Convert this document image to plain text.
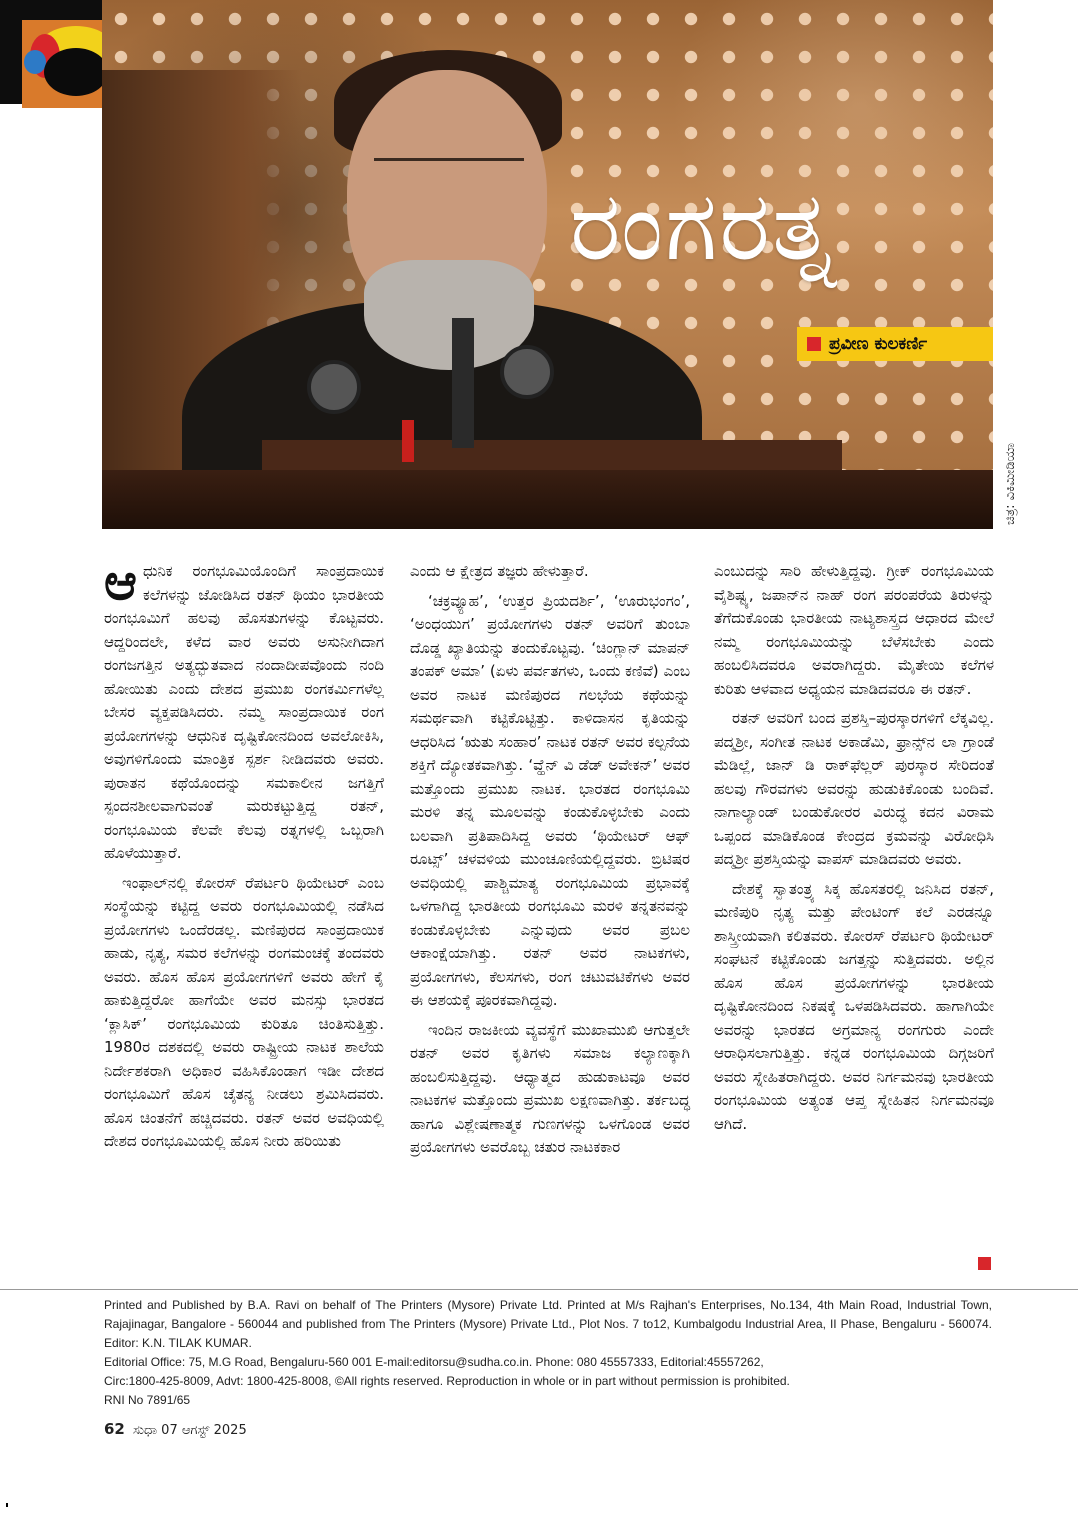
ರಂಗರತ್ನ
ಪ್ರವೀಣ ಕುಲಕರ್ಣಿ
ಚಿತ್ರ: ವಿಕಿಮೀಡಿಯಾ

ಆಧುನಿಕ ರಂಗಭೂಮಿಯೊಂದಿಗೆ ಸಾಂಪ್ರದಾಯಿಕ ಕಲೆಗಳನ್ನು ಜೋಡಿಸಿದ ರತನ್ ಥಿಯಂ ಭಾರತೀಯ ರಂಗಭೂಮಿಗೆ ಹಲವು ಹೊಸತುಗಳನ್ನು ಕೊಟ್ಟವರು. ಆದ್ದರಿಂದಲೇ, ಕಳೆದ ವಾರ ಅವರು ಅಸುನೀಗಿದಾಗ ರಂಗಜಗತ್ತಿನ ಅತ್ಯದ್ಭುತವಾದ ನಂದಾದೀಪವೊಂದು ನಂದಿ ಹೋಯಿತು ಎಂದು ದೇಶದ ಪ್ರಮುಖ ರಂಗಕರ್ಮಿಗಳೆಲ್ಲ ಬೇಸರ ವ್ಯಕ್ತಪಡಿಸಿದರು. ನಮ್ಮ ಸಾಂಪ್ರದಾಯಿಕ ರಂಗ ಪ್ರಯೋಗಗಳನ್ನು ಆಧುನಿಕ ದೃಷ್ಟಿಕೋನದಿಂದ ಅವಲೋಕಿಸಿ, ಅವುಗಳಿಗೊಂದು ಮಾಂತ್ರಿಕ ಸ್ಪರ್ಶ ನೀಡಿದವರು ಅವರು. ಪುರಾತನ ಕಥೆಯೊಂದನ್ನು ಸಮಕಾಲೀನ ಜಗತ್ತಿಗೆ ಸ್ಪಂದನಶೀಲವಾಗುವಂತೆ ಮರುಕಟ್ಟುತ್ತಿದ್ದ ರತನ್, ರಂಗಭೂಮಿಯ ಕೆಲವೇ ಕೆಲವು ರತ್ನಗಳಲ್ಲಿ ಒಬ್ಬರಾಗಿ ಹೊಳೆಯುತ್ತಾರೆ.

ಇಂಫಾಲ್‌ನಲ್ಲಿ ಕೋರಸ್ ರೆಪರ್ಟರಿ ಥಿಯೇಟರ್ ಎಂಬ ಸಂಸ್ಥೆಯನ್ನು ಕಟ್ಟಿದ್ದ ಅವರು ರಂಗಭೂಮಿಯಲ್ಲಿ ನಡೆಸಿದ ಪ್ರಯೋಗಗಳು ಒಂದೆರಡಲ್ಲ. ಮಣಿಪುರದ ಸಾಂಪ್ರದಾಯಿಕ ಹಾಡು, ನೃತ್ಯ, ಸಮರ ಕಲೆಗಳನ್ನು ರಂಗಮಂಚಕ್ಕೆ ತಂದವರು ಅವರು. ಹೊಸ ಹೊಸ ಪ್ರಯೋಗಗಳಿಗೆ ಅವರು ಹೇಗೆ ಕೈ ಹಾಕುತ್ತಿದ್ದರೋ ಹಾಗೆಯೇ ಅವರ ಮನಸ್ಸು ಭಾರತದ ‘ಕ್ಲಾಸಿಕ್’ ರಂಗಭೂಮಿಯ ಕುರಿತೂ ಚಿಂತಿಸುತ್ತಿತ್ತು. 1980ರ ದಶಕದಲ್ಲಿ ಅವರು ರಾಷ್ಟ್ರೀಯ ನಾಟಕ ಶಾಲೆಯ ನಿರ್ದೇಶಕರಾಗಿ ಅಧಿಕಾರ ವಹಿಸಿಕೊಂಡಾಗ ಇಡೀ ದೇಶದ ರಂಗಭೂಮಿಗೆ ಹೊಸ ಚೈತನ್ಯ ನೀಡಲು ಶ್ರಮಿಸಿದವರು. ಹೊಸ ಚಿಂತನೆಗೆ ಹಚ್ಚಿದವರು. ರತನ್ ಅವರ ಅವಧಿಯಲ್ಲಿ ದೇಶದ ರಂಗಭೂಮಿಯಲ್ಲಿ ಹೊಸ ನೀರು ಹರಿಯಿತು

ಎಂದು ಆ ಕ್ಷೇತ್ರದ ತಜ್ಞರು ಹೇಳುತ್ತಾರೆ.

‘ಚಕ್ರವ್ಯೂಹ’, ‘ಉತ್ತರ ಪ್ರಿಯದರ್ಶಿ’, ‘ಊರುಭಂಗಂ’, ‘ಅಂಧಯುಗ’ ಪ್ರಯೋಗಗಳು ರತನ್ ಅವರಿಗೆ ತುಂಬಾ ದೊಡ್ಡ ಖ್ಯಾತಿಯನ್ನು ತಂದುಕೊಟ್ಟವು. ‘ಚಿಂಗ್ಲಾನ್ ಮಾಪನ್ ತಂಪಕ್ ಅಮಾ’ (ಏಳು ಪರ್ವತಗಳು, ಒಂದು ಕಣಿವೆ) ಎಂಬ ಅವರ ನಾಟಕ ಮಣಿಪುರದ ಗಲಭೆಯ ಕಥೆಯನ್ನು ಸಮರ್ಥವಾಗಿ ಕಟ್ಟಿಕೊಟ್ಟಿತ್ತು. ಕಾಳಿದಾಸನ ಕೃತಿಯನ್ನು ಆಧರಿಸಿದ ‘ಋತು ಸಂಹಾರ’ ನಾಟಕ ರತನ್ ಅವರ ಕಲ್ಪನೆಯ ಶಕ್ತಿಗೆ ದ್ಯೋತಕವಾಗಿತ್ತು. ‘ವ್ಹೆನ್ ವಿ ಡೆಡ್ ಅವೇಕನ್’ ಅವರ ಮತ್ತೊಂದು ಪ್ರಮುಖ ನಾಟಕ. ಭಾರತದ ರಂಗಭೂಮಿ ಮರಳಿ ತನ್ನ ಮೂಲವನ್ನು ಕಂಡುಕೊಳ್ಳಬೇಕು ಎಂದು ಬಲವಾಗಿ ಪ್ರತಿಪಾದಿಸಿದ್ದ ಅವರು ‘ಥಿಯೇಟರ್ ಆಫ್ ರೂಟ್ಸ್’ ಚಳವಳಿಯ ಮುಂಚೂಣಿಯಲ್ಲಿದ್ದವರು. ಬ್ರಿಟಿಷರ ಅವಧಿಯಲ್ಲಿ ಪಾಶ್ಚಿಮಾತ್ಯ ರಂಗಭೂಮಿಯ ಪ್ರಭಾವಕ್ಕೆ ಒಳಗಾಗಿದ್ದ ಭಾರತೀಯ ರಂಗಭೂಮಿ ಮರಳಿ ತನ್ನತನವನ್ನು ಕಂಡುಕೊಳ್ಳಬೇಕು ಎನ್ನುವುದು ಅವರ ಪ್ರಬಲ ಆಕಾಂಕ್ಷೆಯಾಗಿತ್ತು. ರತನ್ ಅವರ ನಾಟಕಗಳು, ಪ್ರಯೋಗಗಳು, ಕೆಲಸಗಳು, ರಂಗ ಚಟುವಟಿಕೆಗಳು ಅವರ ಈ ಆಶಯಕ್ಕೆ ಪೂರಕವಾಗಿದ್ದವು.

ಇಂದಿನ ರಾಜಕೀಯ ವ್ಯವಸ್ಥೆಗೆ ಮುಖಾಮುಖಿ ಆಗುತ್ತಲೇ ರತನ್ ಅವರ ಕೃತಿಗಳು ಸಮಾಜ ಕಲ್ಯಾಣಕ್ಕಾಗಿ ಹಂಬಲಿಸುತ್ತಿದ್ದವು. ಆಧ್ಯಾತ್ಮದ ಹುಡುಕಾಟವೂ ಅವರ ನಾಟಕಗಳ ಮತ್ತೊಂದು ಪ್ರಮುಖ ಲಕ್ಷಣವಾಗಿತ್ತು. ತರ್ಕಬದ್ಧ ಹಾಗೂ ವಿಶ್ಲೇಷಣಾತ್ಮಕ ಗುಣಗಳನ್ನು ಒಳಗೊಂಡ ಅವರ ಪ್ರಯೋಗಗಳು ಅವರೊಬ್ಬ ಚತುರ ನಾಟಕಕಾರ

ಎಂಬುದನ್ನು ಸಾರಿ ಹೇಳುತ್ತಿದ್ದವು. ಗ್ರೀಕ್ ರಂಗಭೂಮಿಯ ವೈಶಿಷ್ಟ್ಯ, ಜಪಾನ್‌ನ ನಾಹ್ ರಂಗ ಪರಂಪರೆಯ ತಿರುಳನ್ನು ತೆಗೆದುಕೊಂಡು ಭಾರತೀಯ ನಾಟ್ಯಶಾಸ್ತ್ರದ ಆಧಾರದ ಮೇಲೆ ನಮ್ಮ ರಂಗಭೂಮಿಯನ್ನು ಬೆಳೆಸಬೇಕು ಎಂದು ಹಂಬಲಿಸಿದವರೂ ಅವರಾಗಿದ್ದರು. ಮೈತೇಯಿ ಕಲೆಗಳ ಕುರಿತು ಆಳವಾದ ಅಧ್ಯಯನ ಮಾಡಿದವರೂ ಈ ರತನ್.

ರತನ್ ಅವರಿಗೆ ಬಂದ ಪ್ರಶಸ್ತಿ–ಪುರಸ್ಕಾರಗಳಿಗೆ ಲೆಕ್ಕವಿಲ್ಲ. ಪದ್ಮಶ್ರೀ, ಸಂಗೀತ ನಾಟಕ ಅಕಾಡೆಮಿ, ಫ್ರಾನ್ಸ್‌ನ ಲಾ ಗ್ರಾಂಡೆ ಮೆಡಿಲ್ಲೆ, ಜಾನ್ ಡಿ ರಾಕ್‌ಫೆಲ್ಲರ್ ಪುರಸ್ಕಾರ ಸೇರಿದಂತೆ ಹಲವು ಗೌರವಗಳು ಅವರನ್ನು ಹುಡುಕಿಕೊಂಡು ಬಂದಿವೆ. ನಾಗಾಲ್ಯಾಂಡ್ ಬಂಡುಕೋರರ ವಿರುದ್ಧ ಕದನ ವಿರಾಮ ಒಪ್ಪಂದ ಮಾಡಿಕೊಂಡ ಕೇಂದ್ರದ ಕ್ರಮವನ್ನು ವಿರೋಧಿಸಿ ಪದ್ಮಶ್ರೀ ಪ್ರಶಸ್ತಿಯನ್ನು ವಾಪಸ್ ಮಾಡಿದವರು ಅವರು.

ದೇಶಕ್ಕೆ ಸ್ವಾತಂತ್ರ್ಯ ಸಿಕ್ಕ ಹೊಸತರಲ್ಲಿ ಜನಿಸಿದ ರತನ್, ಮಣಿಪುರಿ ನೃತ್ಯ ಮತ್ತು ಪೇಂಟಿಂಗ್ ಕಲೆ ಎರಡನ್ನೂ ಶಾಸ್ತ್ರೀಯವಾಗಿ ಕಲಿತವರು. ಕೋರಸ್ ರೆಪರ್ಟರಿ ಥಿಯೇಟರ್ ಸಂಘಟನೆ ಕಟ್ಟಿಕೊಂಡು ಜಗತ್ತನ್ನು ಸುತ್ತಿದವರು. ಅಲ್ಲಿನ ಹೊಸ ಹೊಸ ಪ್ರಯೋಗಗಳನ್ನು ಭಾರತೀಯ ದೃಷ್ಟಿಕೋನದಿಂದ ನಿಕಷಕ್ಕೆ ಒಳಪಡಿಸಿದವರು. ಹಾಗಾಗಿಯೇ ಅವರನ್ನು ಭಾರತದ ಅಗ್ರಮಾನ್ಯ ರಂಗಗುರು ಎಂದೇ ಆರಾಧಿಸಲಾಗುತ್ತಿತ್ತು. ಕನ್ನಡ ರಂಗಭೂಮಿಯ ದಿಗ್ಗಜರಿಗೆ ಅವರು ಸ್ನೇಹಿತರಾಗಿದ್ದರು. ಅವರ ನಿರ್ಗಮನವು ಭಾರತೀಯ ರಂಗಭೂಮಿಯ ಅತ್ಯಂತ ಆಪ್ತ ಸ್ನೇಹಿತನ ನಿರ್ಗಮನವೂ ಆಗಿದೆ.

Printed and Published by B.A. Ravi on behalf of The Printers (Mysore) Private Ltd. Printed at M/s Rajhan's Enterprises, No.134, 4th Main Road, Industrial Town, Rajajinagar, Bangalore - 560044 and published from The Printers (Mysore) Private Ltd., Plot Nos. 7 to12, Kumbalgodu Industrial Area, II Phase, Bengaluru - 560074. Editor: K.N. TILAK KUMAR.

Editorial Office: 75, M.G Road, Bengaluru-560 001 E-mail:editorsu@sudha.co.in. Phone: 080 45557333, Editorial:45557262,

Circ:1800-425-8009, Advt: 1800-425-8008, ©All rights reserved. Reproduction in whole or in part without permission is prohibited.

RNI No 7891/65

62 ಸುಧಾ 07 ಆಗಸ್ಟ್ 2025
